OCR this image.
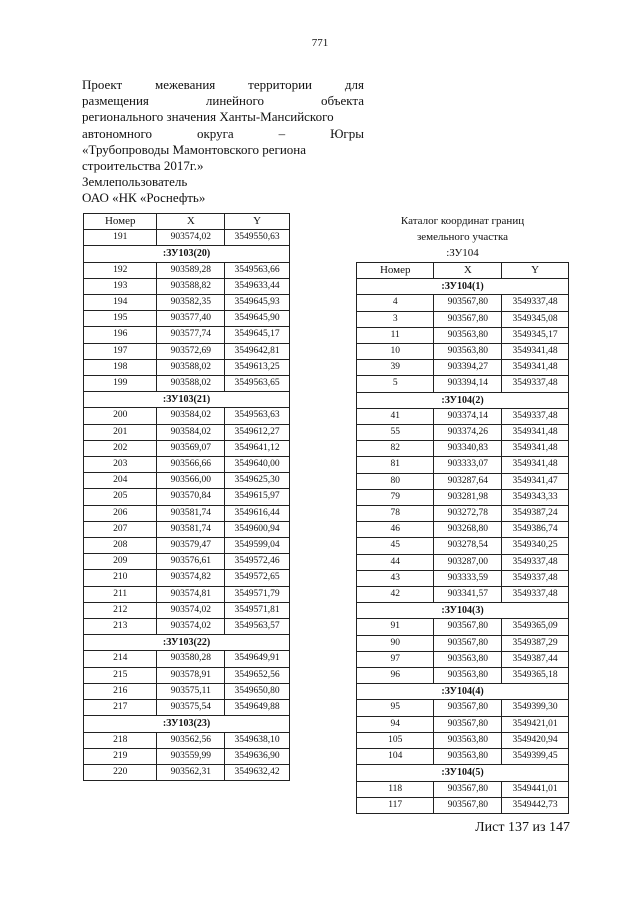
771
Проект межевания территории для
размещения линейного объекта
регионального значения Ханты-Мансийского
автономного округа – Югры
«Трубопроводы Мамонтовского региона
строительства 2017г.»
Землепользователь
ОАО «НК «Роснефть»
Номер	X	Y
191	903574,02	3549550,63
:ЗУ103(20)		
192	903589,28	3549563,66
193	903588,82	3549633,44
194	903582,35	3549645,93
195	903577,40	3549645,90
196	903577,74	3549645,17
197	903572,69	3549642,81
198	903588,02	3549613,25
199	903588,02	3549563,65
:ЗУ103(21)		
200	903584,02	3549563,63
201	903584,02	3549612,27
202	903569,07	3549641,12
203	903566,66	3549640,00
204	903566,00	3549625,30
205	903570,84	3549615,97
206	903581,74	3549616,44
207	903581,74	3549600,94
208	903579,47	3549599,04
209	903576,61	3549572,46
210	903574,82	3549572,65
211	903574,81	3549571,79
212	903574,02	3549571,81
213	903574,02	3549563,57
:ЗУ103(22)		
214	903580,28	3549649,91
215	903578,91	3549652,56
216	903575,11	3549650,80
217	903575,54	3549649,88
:ЗУ103(23)		
218	903562,56	3549638,10
219	903559,99	3549636,90
220	903562,31	3549632,42
Каталог координат границ
земельного участка
:ЗУ104
Номер	X	Y
:ЗУ104(1)		
4	903567,80	3549337,48
3	903567,80	3549345,08
11	903563,80	3549345,17
10	903563,80	3549341,48
39	903394,27	3549341,48
5	903394,14	3549337,48
:ЗУ104(2)		
41	903374,14	3549337,48
55	903374,26	3549341,48
82	903340,83	3549341,48
81	903333,07	3549341,48
80	903287,64	3549341,47
79	903281,98	3549343,33
78	903272,78	3549387,24
46	903268,80	3549386,74
45	903278,54	3549340,25
44	903287,00	3549337,48
43	903333,59	3549337,48
42	903341,57	3549337,48
:ЗУ104(3)		
91	903567,80	3549365,09
90	903567,80	3549387,29
97	903563,80	3549387,44
96	903563,80	3549365,18
:ЗУ104(4)		
95	903567,80	3549399,30
94	903567,80	3549421,01
105	903563,80	3549420,94
104	903563,80	3549399,45
:ЗУ104(5)		
118	903567,80	3549441,01
117	903567,80	3549442,73
Лист 137 из 147
